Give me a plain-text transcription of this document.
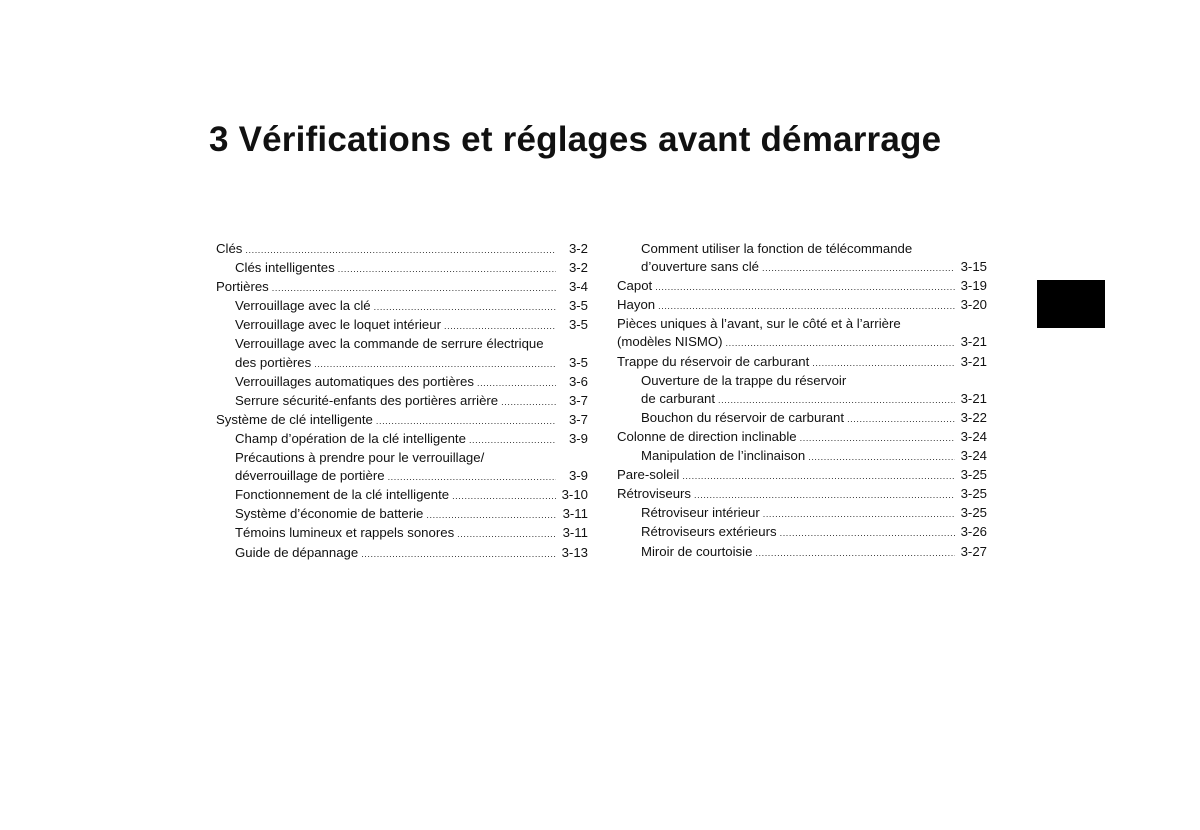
3 Vérifications et réglages avant démarrage
Clés .....	3-2
Clés intelligentes .....	3-2
Portières .....	3-4
Verrouillage avec la clé .....	3-5
Verrouillage avec le loquet intérieur .....	3-5
Verrouillage avec la commande de serrure électrique
des portières .....	3-5
Verrouillages automatiques des portières .....	3-6
Serrure sécurité-enfants des portières arrière .....	3-7
Système de clé intelligente .....	3-7
Champ d’opération de la clé intelligente .....	3-9
Précautions à prendre pour le verrouillage/
déverrouillage de portière .....	3-9
Fonctionnement de la clé intelligente .....	3-10
Système d’économie de batterie .....	3-11
Témoins lumineux et rappels sonores .....	3-11
Guide de dépannage .....	3-13
Comment utiliser la fonction de télécommande
d’ouverture sans clé .....	3-15
Capot .....	3-19
Hayon .....	3-20
Pièces uniques à l’avant, sur le côté et à l’arrière
(modèles NISMO) .....	3-21
Trappe du réservoir de carburant .....	3-21
Ouverture de la trappe du réservoir
de carburant .....	3-21
Bouchon du réservoir de carburant .....	3-22
Colonne de direction inclinable .....	3-24
Manipulation de l’inclinaison .....	3-24
Pare-soleil .....	3-25
Rétroviseurs .....	3-25
Rétroviseur intérieur .....	3-25
Rétroviseurs extérieurs .....	3-26
Miroir de courtoisie .....	3-27
